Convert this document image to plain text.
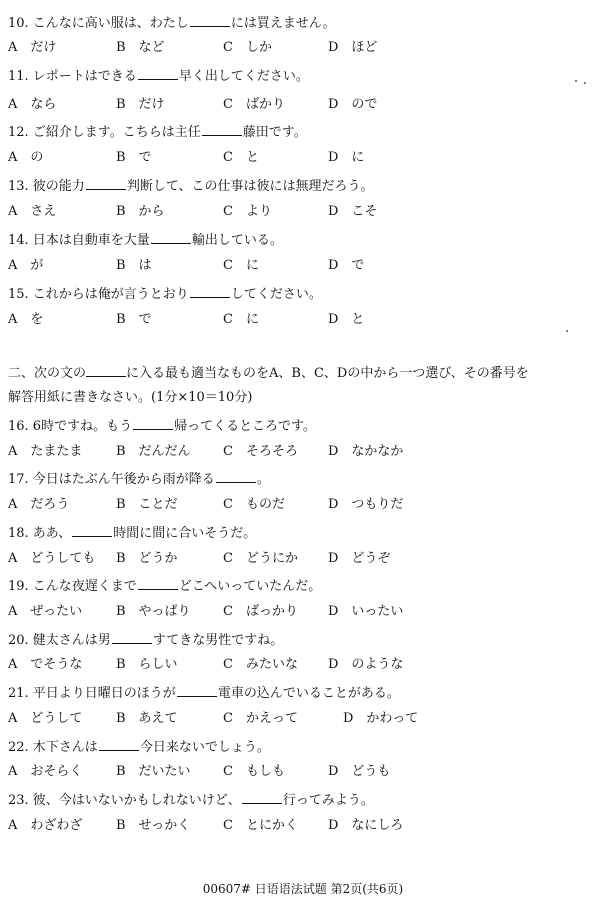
10. こんなに高い服は、わたし	には買えません。
A　だけ	B　など	C　しか	D　ほど
11. レポートはできる	早く出してください。
A　なら	B　だけ	C　ばかり	D　ので
12. ご紹介します。こちらは主任	藤田です。
A　の	B　で	C　と	D　に
13. 彼の能力	判断して、この仕事は彼には無理だろう。
A　さえ	B　から	C　より	D　こそ
14. 日本は自動車を大量	輸出している。
A　が	B　は	C　に	D　で
15. これからは俺が言うとおり	してください。
A　を	B　で	C　に	D　と
二、次の文の	に入る最も適当なものをA、B、C、Dの中から一つ選び、その番号を
解答用紙に書きなさい。(1分×10＝10分)
16. 6時ですね。もう	帰ってくるところです。
A　たまたま	B　だんだん C　そろそろ D　なかなか
17. 今日はたぶん午後から雨が降る	。
A　だろう	B　ことだ	C　ものだ	D　つもりだ
18. ああ、	時間に間に合いそうだ。
A　どうしても B　どうか	C　どうにか D　どうぞ
19. こんな夜遅くまで	どこへいっていたんだ。
A　ぜったい	B　やっぱり C　ばっかり D　いったい
20. 健太さんは男	すてきな男性ですね。
A　でそうな	B　らしい	C　みたいな D　のような
21. 平日より日曜日のほうが	電車の込んでいることがある。
A　どうして	B　あえて	C　かえって	D　かわって
22. 木下さんは	今日来ないでしょう。
A　おそらく	B　だいたい C　もしも	D　どうも
23. 彼、今はいないかもしれないけど、	行ってみよう。
A　わざわざ	B　せっかく	C　とにかく D　なにしろ
00607# 日语语法试题 第2页(共6页)
